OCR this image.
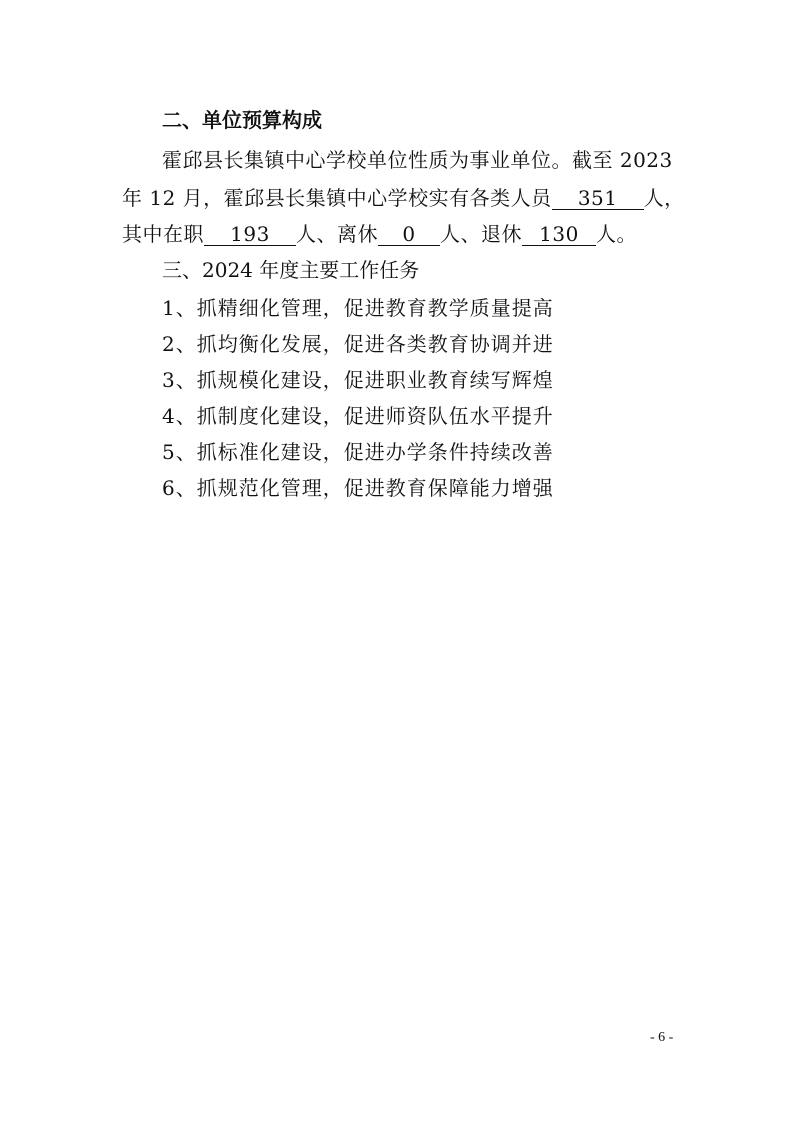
二、单位预算构成
霍邱县长集镇中心学校单位性质为事业单位。截至 2023
年 12 月，霍邱县长集镇中心学校实有各类人员 351 人，
其中在职 193 人、离休 0 人、退休 130 人。
三、2024 年度主要工作任务
1、抓精细化管理，促进教育教学质量提高
2、抓均衡化发展，促进各类教育协调并进
3、抓规模化建设，促进职业教育续写辉煌
4、抓制度化建设，促进师资队伍水平提升
5、抓标准化建设，促进办学条件持续改善
6、抓规范化管理，促进教育保障能力增强
- 6 -
